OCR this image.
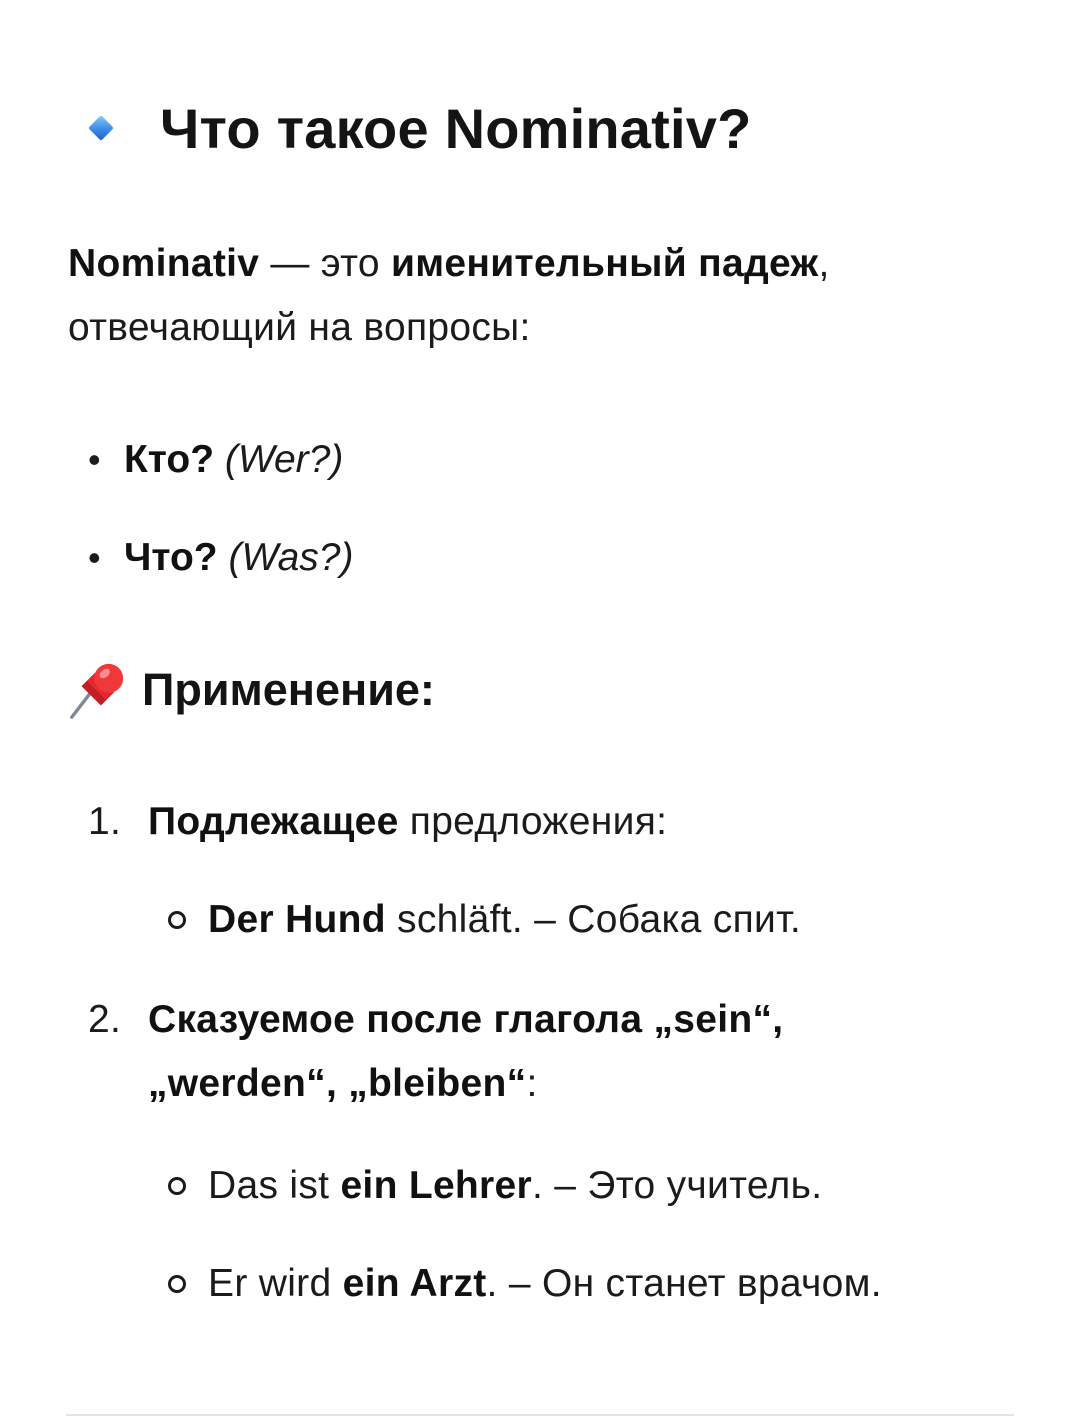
Что такое Nominativ?
Nominativ — это именительный падеж, отвечающий на вопросы:
• Кто? (Wer?)
• Что? (Was?)
Применение:
1. Подлежащее предложения:
Der Hund schläft. – Собака спит.
2. Сказуемое после глагола „sein“, „werden“, „bleiben“:
Das ist ein Lehrer. – Это учитель.
Er wird ein Arzt. – Он станет врачом.
